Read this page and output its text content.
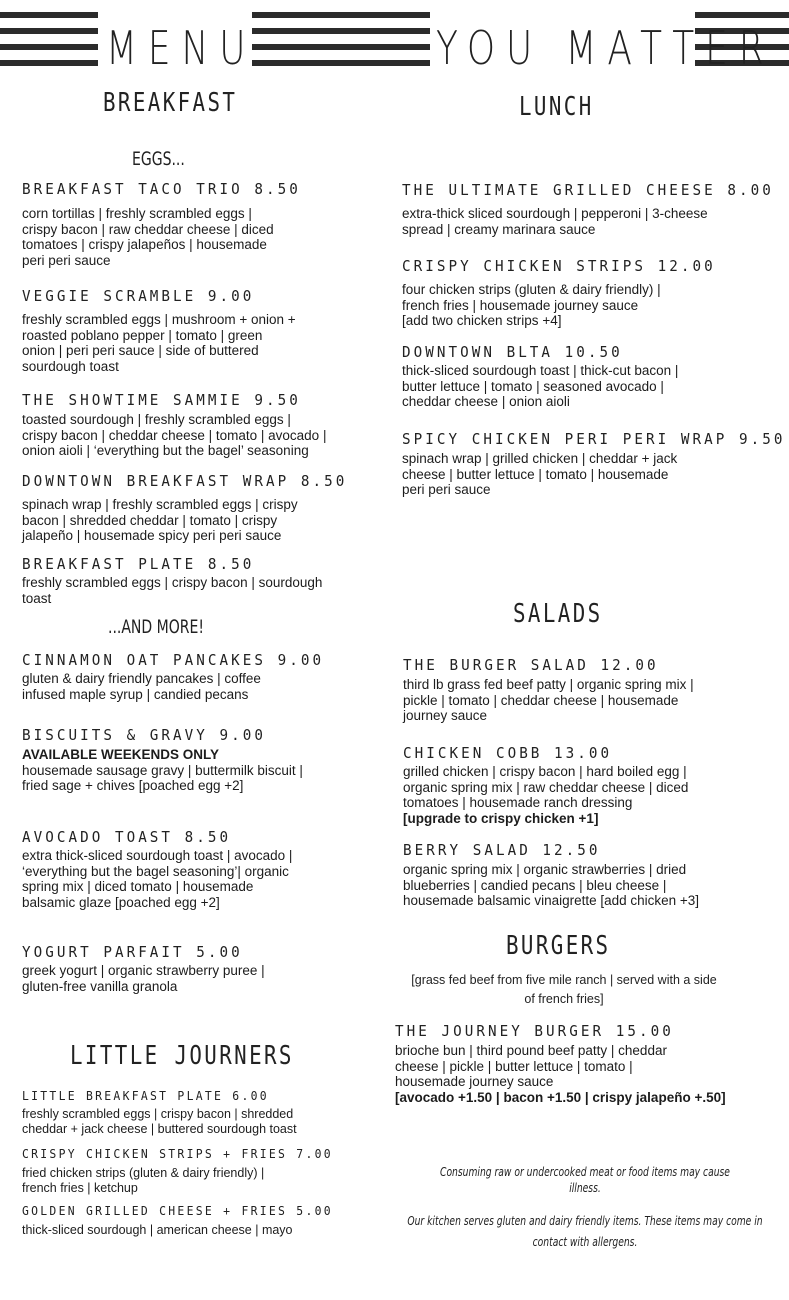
MENU	YOU MATTER
BREAKFAST
EGGS...
BREAKFAST TACO TRIO 8.50
corn tortillas | freshly scrambled eggs |
crispy bacon | raw cheddar cheese | diced
tomatoes | crispy jalapeños | housemade
peri peri sauce
VEGGIE SCRAMBLE 9.00
freshly scrambled eggs | mushroom + onion +
roasted poblano pepper | tomato | green
onion | peri peri sauce | side of buttered
sourdough toast
THE SHOWTIME SAMMIE 9.50
toasted sourdough | freshly scrambled eggs |
crispy bacon | cheddar cheese | tomato | avocado |
onion aioli | ‘everything but the bagel’ seasoning
DOWNTOWN BREAKFAST WRAP 8.50
spinach wrap | freshly scrambled eggs | crispy
bacon | shredded cheddar | tomato | crispy
jalapeño | housemade spicy peri peri sauce
BREAKFAST PLATE 8.50
freshly scrambled eggs | crispy bacon | sourdough
toast
...AND MORE!
CINNAMON OAT PANCAKES 9.00
gluten & dairy friendly pancakes | coffee
infused maple syrup | candied pecans
BISCUITS & GRAVY 9.00
AVAILABLE WEEKENDS ONLY
housemade sausage gravy | buttermilk biscuit |
fried sage + chives [poached egg +2]
AVOCADO TOAST 8.50
extra thick-sliced sourdough toast | avocado |
‘everything but the bagel seasoning’| organic
spring mix | diced tomato | housemade
balsamic glaze [poached egg +2]
YOGURT PARFAIT 5.00
greek yogurt | organic strawberry puree |
gluten-free vanilla granola
LITTLE JOURNERS
LITTLE BREAKFAST PLATE 6.00
freshly scrambled eggs | crispy bacon | shredded
cheddar + jack cheese | buttered sourdough toast
CRISPY CHICKEN STRIPS + FRIES 7.00
fried chicken strips (gluten & dairy friendly) |
french fries | ketchup
GOLDEN GRILLED CHEESE + FRIES 5.00
thick-sliced sourdough | american cheese | mayo
LUNCH
THE ULTIMATE GRILLED CHEESE 8.00
extra-thick sliced sourdough | pepperoni | 3-cheese
spread | creamy marinara sauce
CRISPY CHICKEN STRIPS 12.00
four chicken strips (gluten & dairy friendly) |
french fries | housemade journey sauce
[add two chicken strips +4]
DOWNTOWN BLTA 10.50
thick-sliced sourdough toast | thick-cut bacon |
butter lettuce | tomato | seasoned avocado |
cheddar cheese | onion aioli
SPICY CHICKEN PERI PERI WRAP 9.50
spinach wrap | grilled chicken | cheddar + jack
cheese | butter lettuce | tomato | housemade
peri peri sauce
SALADS
THE BURGER SALAD 12.00
third lb grass fed beef patty | organic spring mix |
pickle | tomato | cheddar cheese | housemade
journey sauce
CHICKEN COBB 13.00
grilled chicken | crispy bacon | hard boiled egg |
organic spring mix | raw cheddar cheese | diced
tomatoes | housemade ranch dressing
[upgrade to crispy chicken +1]
BERRY SALAD 12.50
organic spring mix | organic strawberries | dried
blueberries | candied pecans | bleu cheese |
housemade balsamic vinaigrette [add chicken +3]
BURGERS
[grass fed beef from five mile ranch | served with a side
of french fries]
THE JOURNEY BURGER 15.00
brioche bun | third pound beef patty | cheddar
cheese | pickle | butter lettuce | tomato |
housemade journey sauce
[avocado +1.50 | bacon +1.50 | crispy jalapeño +.50]
Consuming raw or undercooked meat or food items may cause
illness.
Our kitchen serves gluten and dairy friendly items. These items may come in
contact with allergens.
